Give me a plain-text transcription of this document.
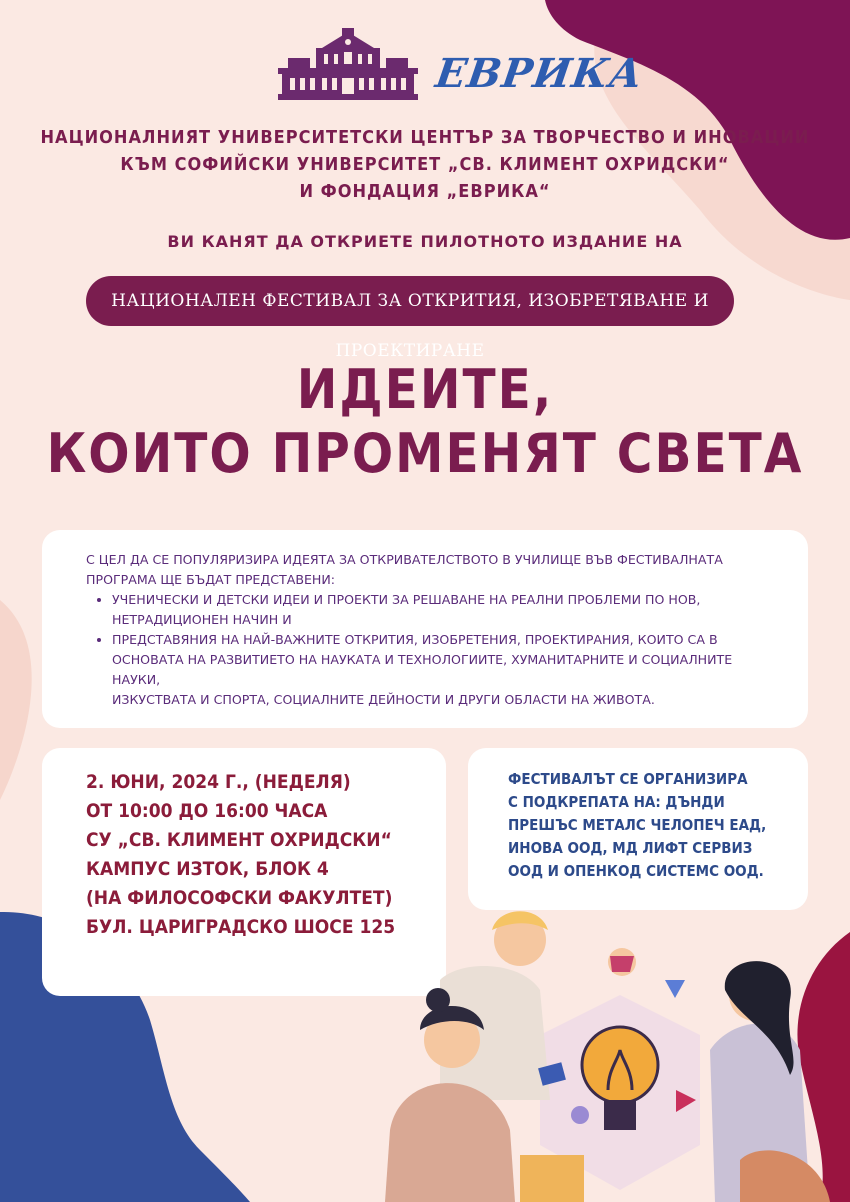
ЕВРИКА
НАЦИОНАЛНИЯТ УНИВЕРСИТЕТСКИ ЦЕНТЪР ЗА ТВОРЧЕСТВО И ИНОВАЦИИ
КЪМ СОФИЙСКИ УНИВЕРСИТЕТ „СВ. КЛИМЕНТ ОХРИДСКИ“
И ФОНДАЦИЯ „ЕВРИКА“
ВИ КАНЯТ ДА ОТКРИЕТЕ ПИЛОТНОТО ИЗДАНИЕ НА
НАЦИОНАЛЕН ФЕСТИВАЛ ЗА ОТКРИТИЯ, ИЗОБРЕТЯВАНЕ И ПРОЕКТИРАНЕ
ИДЕИТЕ,
КОИТО ПРОМЕНЯТ СВЕТА
С ЦЕЛ ДА СЕ ПОПУЛЯРИЗИРА ИДЕЯТА ЗА ОТКРИВАТЕЛСТВОТО В УЧИЛИЩЕ ВЪВ ФЕСТИВАЛНАТА
ПРОГРАМА ЩЕ БЪДАТ ПРЕДСТАВЕНИ:
• УЧЕНИЧЕСКИ И ДЕТСКИ ИДЕИ И ПРОЕКТИ ЗА РЕШАВАНЕ НА РЕАЛНИ ПРОБЛЕМИ ПО НОВ,
НЕТРАДИЦИОНЕН НАЧИН И
• ПРЕДСТАВЯНИЯ НА НАЙ-ВАЖНИТЕ ОТКРИТИЯ, ИЗОБРЕТЕНИЯ, ПРОЕКТИРАНИЯ, КОИТО СА В
ОСНОВАТА НА РАЗВИТИЕТО НА НАУКАТА И ТЕХНОЛОГИИТЕ, ХУМАНИТАРНИТЕ И СОЦИАЛНИТЕ НАУКИ,
ИЗКУСТВАТА И СПОРТА, СОЦИАЛНИТЕ ДЕЙНОСТИ И ДРУГИ ОБЛАСТИ НА ЖИВОТА.
2. ЮНИ, 2024 Г., (НЕДЕЛЯ)
ОТ 10:00 ДО 16:00 ЧАСА
СУ „СВ. КЛИМЕНТ ОХРИДСКИ“
КАМПУС ИЗТОК, БЛОК 4
(НА ФИЛОСОФСКИ ФАКУЛТЕТ)
БУЛ. ЦАРИГРАДСКО ШОСЕ 125
ФЕСТИВАЛЪТ СЕ ОРГАНИЗИРА
С ПОДКРЕПАТА НА: ДЪНДИ
ПРЕШЪС МЕТАЛС ЧЕЛОПЕЧ ЕАД,
ИНОВА ООД, МД ЛИФТ СЕРВИЗ
ООД И ОПЕНКОД СИСТЕМС ООД.
